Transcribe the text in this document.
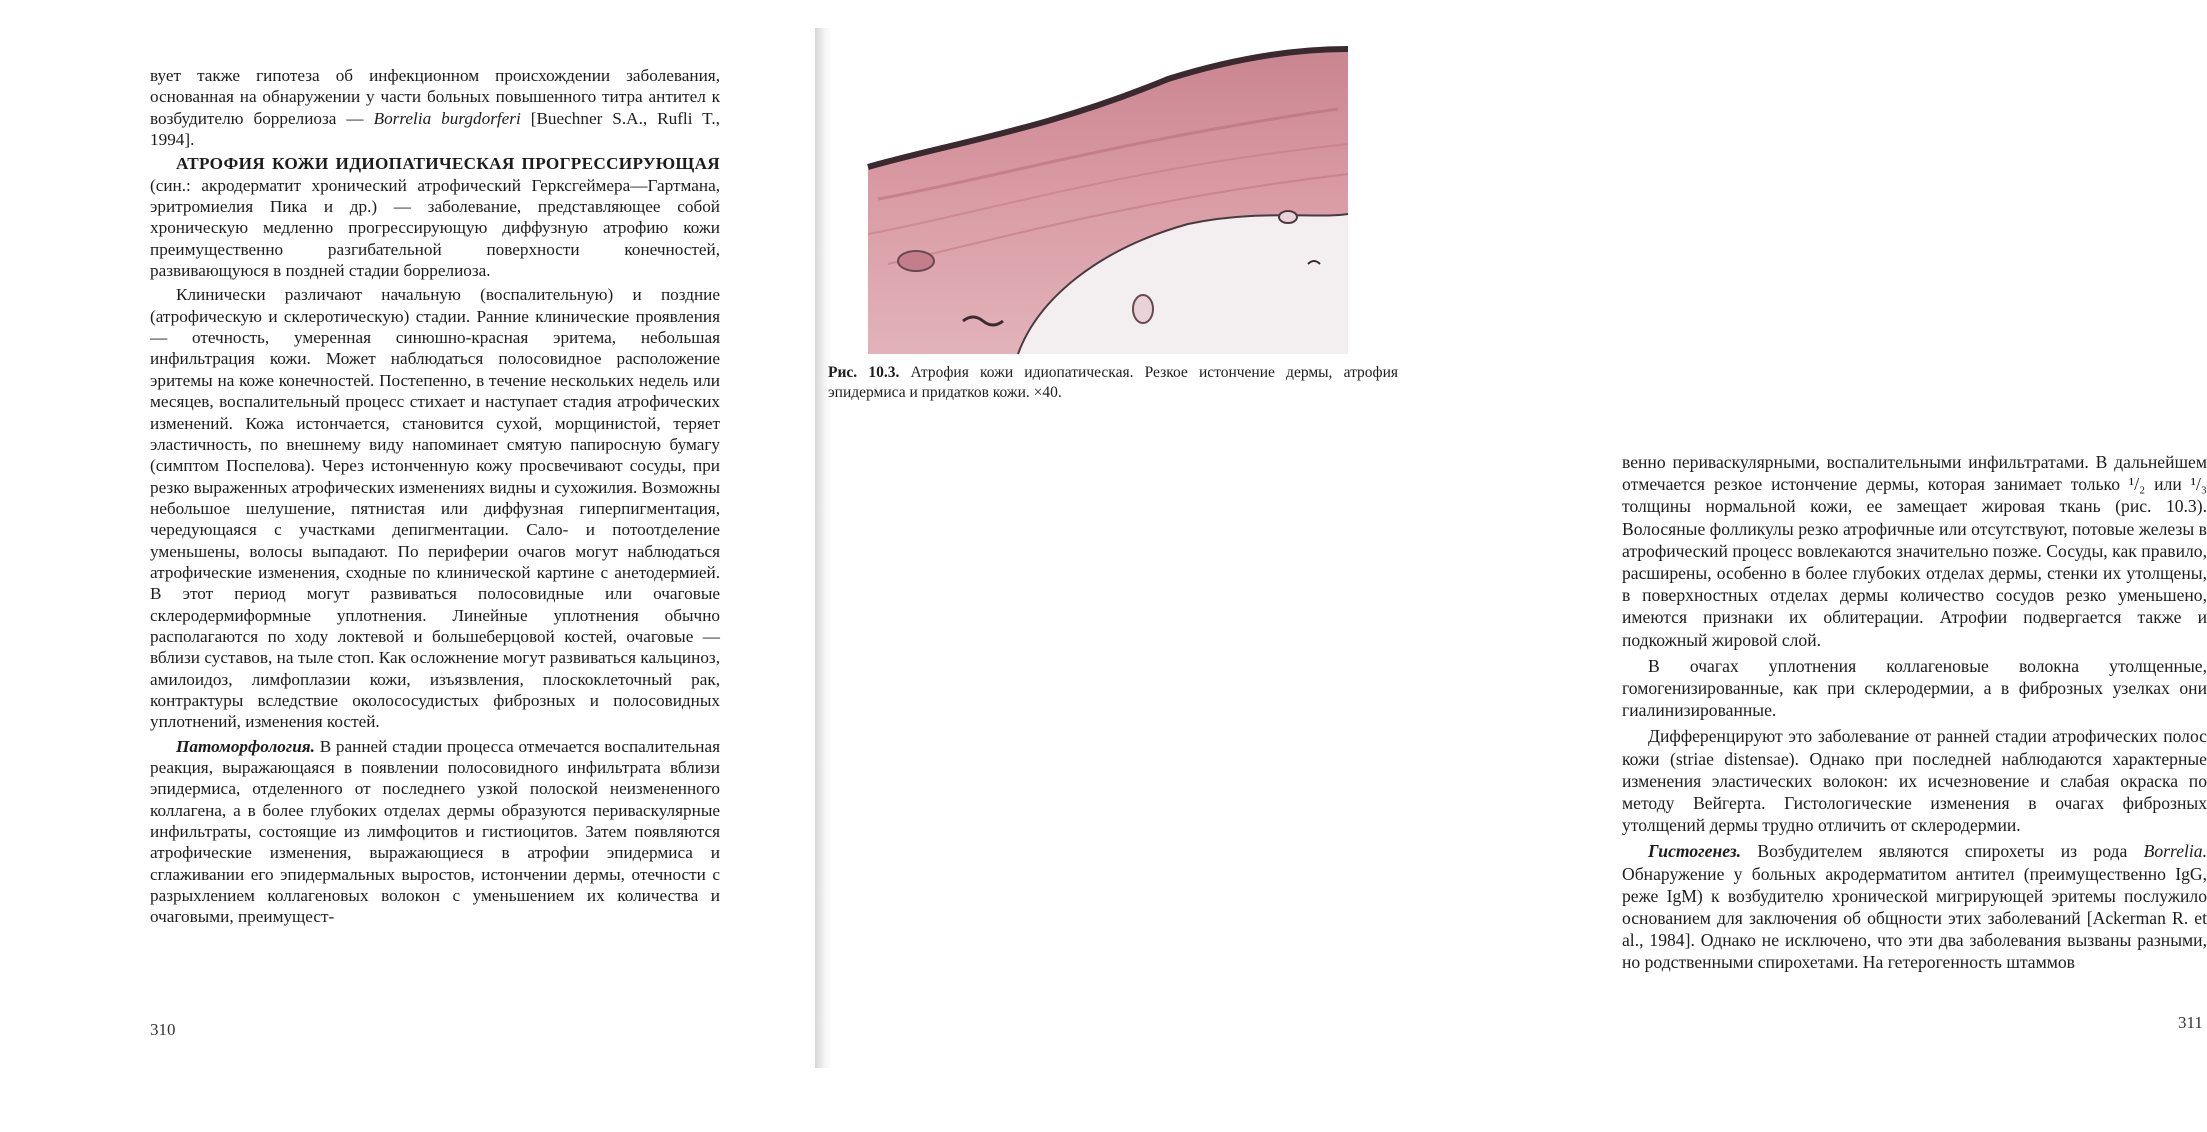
вует также гипотеза об инфекционном происхождении заболевания, основанная на обнаружении у части больных повышенного титра антител к возбудителю боррелиоза — Borrelia burgdorferi [Buechner S.A., Rufli T., 1994].

АТРОФИЯ КОЖИ ИДИОПАТИЧЕСКАЯ ПРОГРЕССИРУЮЩАЯ (син.: акродерматит хронический атрофический Герксгеймера—Гартмана, эритромиелия Пика и др.) — заболевание, представляющее собой хроническую медленно прогрессирующую диффузную атрофию кожи преимущественно разгибательной поверхности конечностей, развивающуюся в поздней стадии боррелиоза.

Клинически различают начальную (воспалительную) и поздние (атрофическую и склеротическую) стадии. Ранние клинические проявления — отечность, умеренная синюшно-красная эритема, небольшая инфильтрация кожи. Может наблюдаться полосовидное расположение эритемы на коже конечностей. Постепенно, в течение нескольких недель или месяцев, воспалительный процесс стихает и наступает стадия атрофических изменений. Кожа истончается, становится сухой, морщинистой, теряет эластичность, по внешнему виду напоминает смятую папиросную бумагу (симптом Поспелова). Через истонченную кожу просвечивают сосуды, при резко выраженных атрофических изменениях видны и сухожилия. Возможны небольшое шелушение, пятнистая или диффузная гиперпигментация, чередующаяся с участками депигментации. Сало- и потоотделение уменьшены, волосы выпадают. По периферии очагов могут наблюдаться атрофические изменения, сходные по клинической картине с анетодермией. В этот период могут развиваться полосовидные или очаговые склеродермиформные уплотнения. Линейные уплотнения обычно располагаются по ходу локтевой и большеберцовой костей, очаговые — вблизи суставов, на тыле стоп. Как осложнение могут развиваться кальциноз, амилоидоз, лимфоплазии кожи, изъязвления, плоскоклеточный рак, контрактуры вследствие околососудистых фиброзных и полосовидных уплотнений, изменения костей.

Патоморфология. В ранней стадии процесса отмечается воспалительная реакция, выражающаяся в появлении полосовидного инфильтрата вблизи эпидермиса, отделенного от последнего узкой полоской неизмененного коллагена, а в более глубоких отделах дермы образуются периваскулярные инфильтраты, состоящие из лимфоцитов и гистиоцитов. Затем появляются атрофические изменения, выражающиеся в атрофии эпидермиса и сглаживании его эпидермальных выростов, истончении дермы, отечности с разрыхлением коллагеновых волокон с уменьшением их количества и очаговыми, преимущест-

310
Рис. 10.3. Атрофия кожи идиопатическая. Резкое истончение дермы, атрофия эпидермиса и придатков кожи. ×40.

венно периваскулярными, воспалительными инфильтратами. В дальнейшем отмечается резкое истончение дермы, которая занимает только ¹/₂ или ¹/₃ толщины нормальной кожи, ее замещает жировая ткань (рис. 10.3). Волосяные фолликулы резко атрофичные или отсутствуют, потовые железы в атрофический процесс вовлекаются значительно позже. Сосуды, как правило, расширены, особенно в более глубоких отделах дермы, стенки их утолщены, в поверхностных отделах дермы количество сосудов резко уменьшено, имеются признаки их облитерации. Атрофии подвергается также и подкожный жировой слой.

В очагах уплотнения коллагеновые волокна утолщенные, гомогенизированные, как при склеродермии, а в фиброзных узелках они гиалинизированные.

Дифференцируют это заболевание от ранней стадии атрофических полос кожи (striae distensae). Однако при последней наблюдаются характерные изменения эластических волокон: их исчезновение и слабая окраска по методу Вейгерта. Гистологические изменения в очагах фиброзных утолщений дермы трудно отличить от склеродермии.

Гистогенез. Возбудителем являются спирохеты из рода Borrelia. Обнаружение у больных акродерматитом антител (преимущественно IgG, реже IgM) к возбудителю хронической мигрирующей эритемы послужило основанием для заключения об общности этих заболеваний [Ackerman R. et al., 1984]. Однако не исключено, что эти два заболевания вызваны разными, но родственными спирохетами. На гетерогенность штаммов

311
